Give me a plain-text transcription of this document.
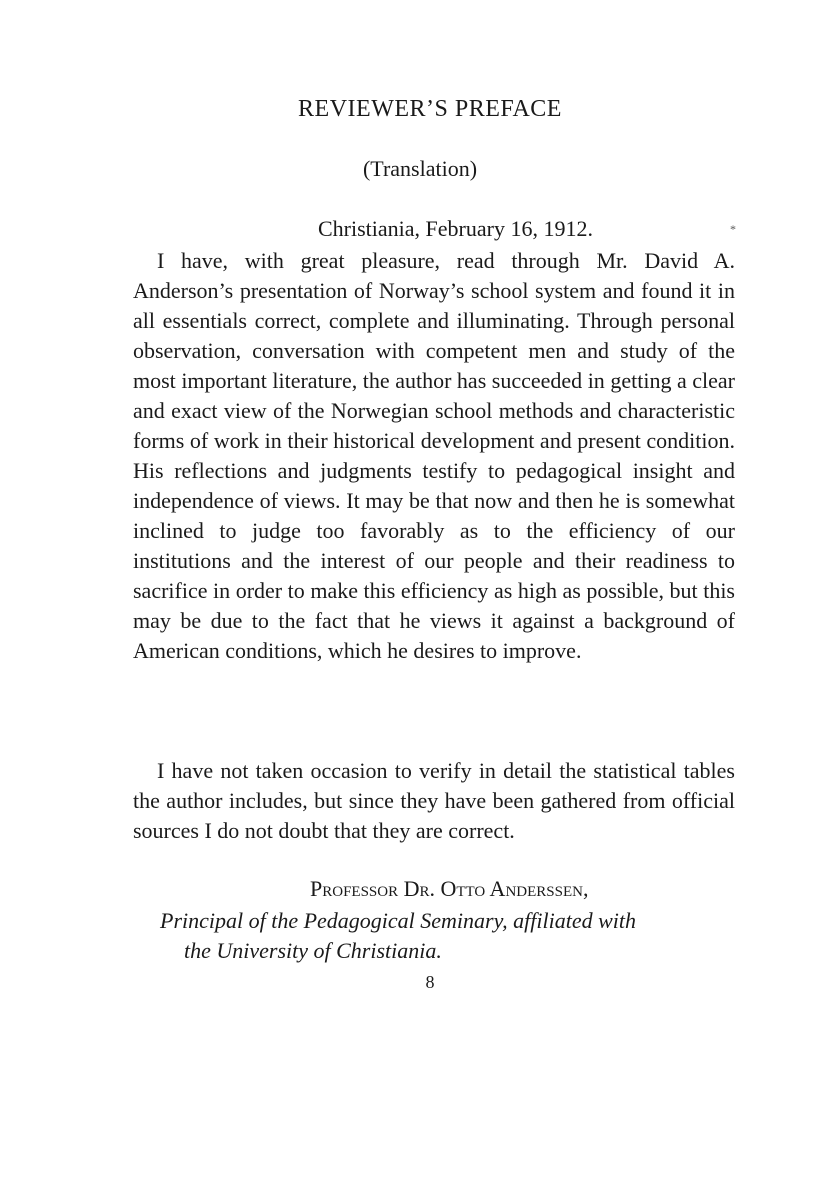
REVIEWER’S PREFACE
(Translation)
Christiania, February 16, 1912.	*

I have, with great pleasure, read through Mr. David A. Anderson’s presentation of Norway’s school system and found it in all essentials correct, complete and illuminating. Through personal observation, conversation with competent men and study of the most important literature, the author has succeeded in getting a clear and exact view of the Norwegian school methods and characteristic forms of work in their historical development and present condition. His reflections and judgments testify to pedagogical insight and independence of views. It may be that now and then he is somewhat inclined to judge too favorably as to the efficiency of our institutions and the interest of our people and their readiness to sacrifice in order to make this efficiency as high as possible, but this may be due to the fact that he views it against a background of American conditions, which he desires to improve.

I have not taken occasion to verify in detail the statistical tables the author includes, but since they have been gathered from official sources I do not doubt that they are correct.

Professor Dr. Otto Anderssen,
Principal of the Pedagogical Seminary, affiliated with
the University of Christiania.
8
